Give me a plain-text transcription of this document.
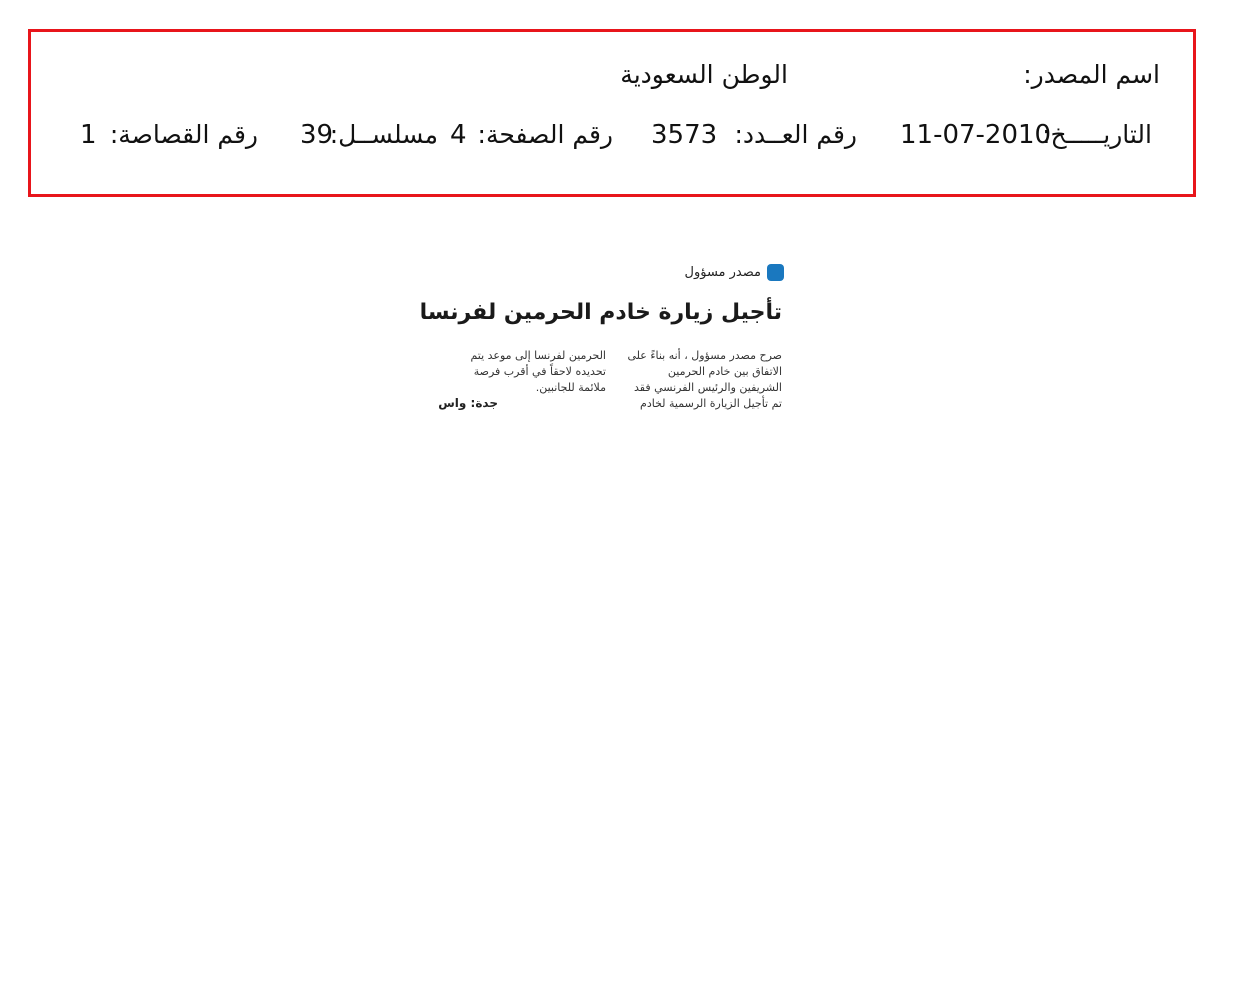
اسم المصدر:
الوطن السعودية
التاريـــــخ:
11-07-2010
رقم العــدد:
3573
رقم الصفحة:
4
مسلســل:
39
رقم القصاصة:
1
مصدر مسؤول
تأجيل زيارة خادم الحرمين لفرنسا
صرح مصدر مسؤول ، أنه بناءً على الاتفاق بين خادم الحرمين الشريفين والرئيس الفرنسي فقد تم تأجيل الزيارة الرسمية لخادم
الحرمين لفرنسا إلى موعد يتم تحديده لاحقاً في أقرب فرصة ملائمة للجانبين.
جدة: واس
